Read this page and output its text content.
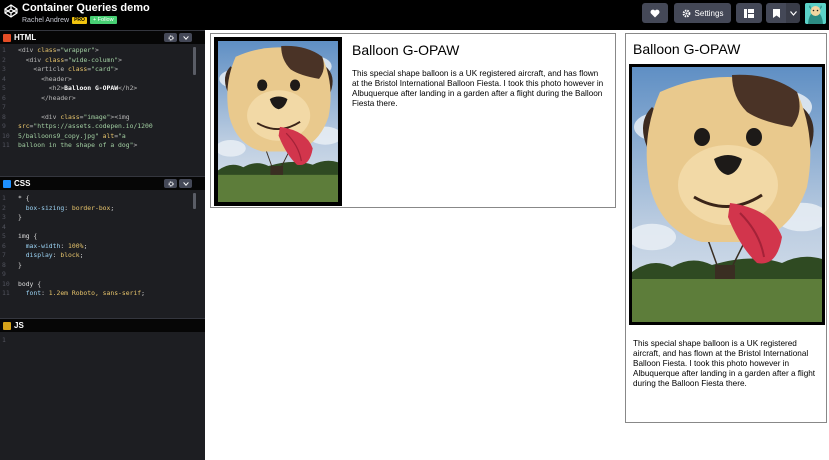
Container Queries demo
Rachel Andrew	PRO	+ Follow
Settings
HTML
1	<div class="wrapper">
2	<div class="wide-column">
3	<article class="card">
4	<header>
5	<h2>Balloon G-OPAW</h2>
6	</header>
7
8	<div class="image"><img
9	src="https://assets.codepen.io/1200
10	5/balloons9_copy.jpg" alt="a
11	balloon in the shape of a dog">
CSS
1	* {
2	box-sizing: border-box;
3	}
4
5	img {
6	max-width: 100%;
7	display: block;
8	}
9
10	body {
11	font: 1.2em Roboto, sans-serif;
JS
1
Balloon G-OPAW
This special shape balloon is a UK registered aircraft, and has flown at the Bristol International Balloon Fiesta. I took this photo however in Albuquerque after landing in a garden after a flight during the Balloon Fiesta there.
Balloon G-OPAW
This special shape balloon is a UK registered aircraft, and has flown at the Bristol International Balloon Fiesta. I took this photo however in Albuquerque after landing in a garden after a flight during the Balloon Fiesta there.
